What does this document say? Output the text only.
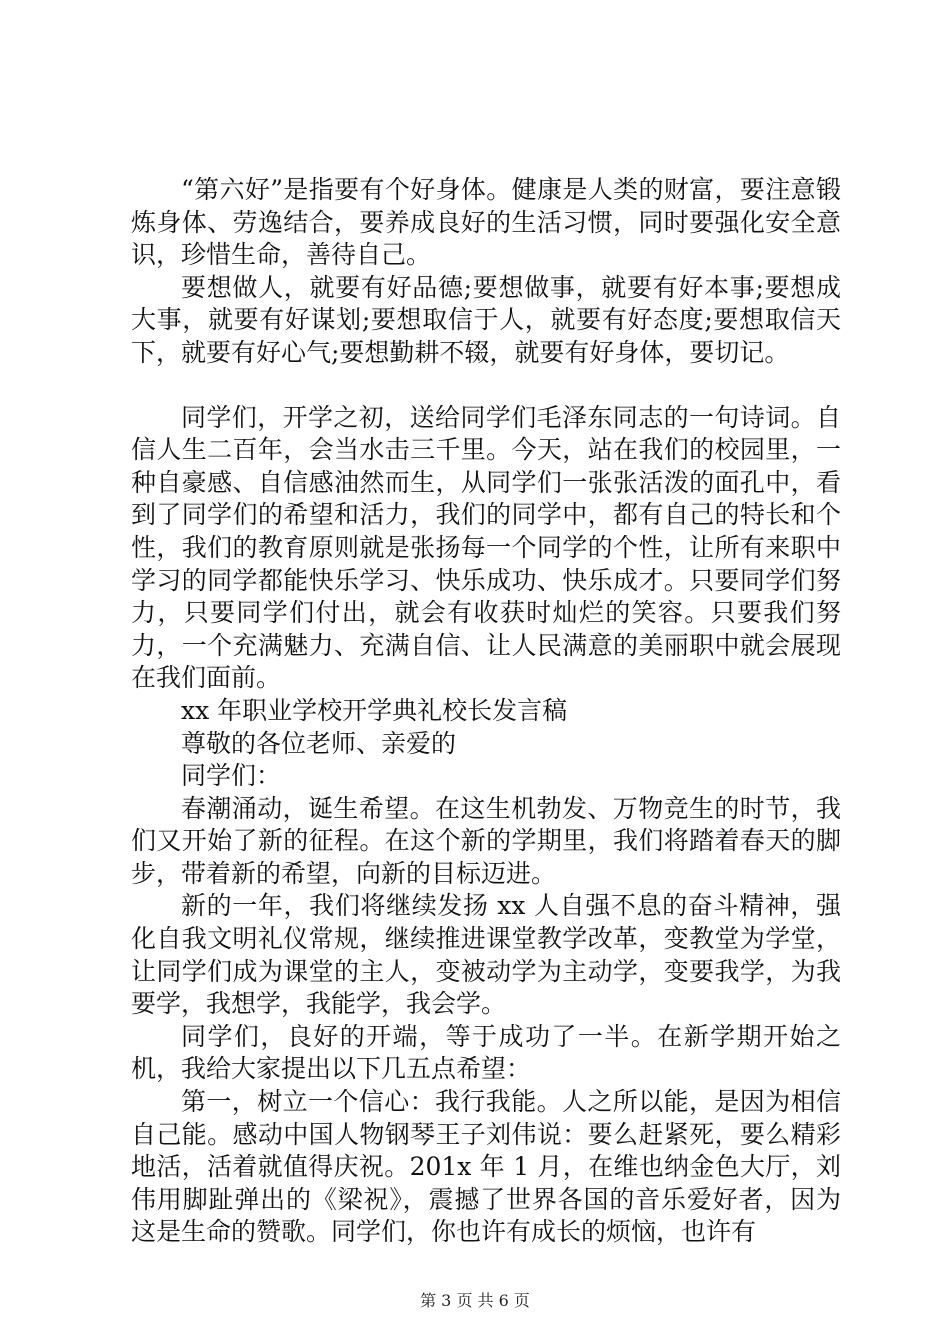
“第六好”是指要有个好身体。健康是人类的财富，要注意锻炼身体、劳逸结合，要养成良好的生活习惯，同时要强化安全意识，珍惜生命，善待自己。

要想做人，就要有好品德;要想做事，就要有好本事;要想成大事，就要有好谋划;要想取信于人，就要有好态度;要想取信天下，就要有好心气;要想勤耕不辍，就要有好身体，要切记。

同学们，开学之初，送给同学们毛泽东同志的一句诗词。自信人生二百年，会当水击三千里。今天，站在我们的校园里，一种自豪感、自信感油然而生，从同学们一张张活泼的面孔中，看到了同学们的希望和活力，我们的同学中，都有自己的特长和个性，我们的教育原则就是张扬每一个同学的个性，让所有来职中学习的同学都能快乐学习、快乐成功、快乐成才。只要同学们努力，只要同学们付出，就会有收获时灿烂的笑容。只要我们努力，一个充满魅力、充满自信、让人民满意的美丽职中就会展现在我们面前。

xx 年职业学校开学典礼校长发言稿

尊敬的各位老师、亲爱的

同学们：

春潮涌动，诞生希望。在这生机勃发、万物竞生的时节，我们又开始了新的征程。在这个新的学期里，我们将踏着春天的脚步，带着新的希望，向新的目标迈进。

新的一年，我们将继续发扬 xx 人自强不息的奋斗精神，强化自我文明礼仪常规，继续推进课堂教学改革，变教堂为学堂，让同学们成为课堂的主人，变被动学为主动学，变要我学，为我要学，我想学，我能学，我会学。

同学们，良好的开端，等于成功了一半。在新学期开始之机，我给大家提出以下几五点希望：

第一，树立一个信心：我行我能。人之所以能，是因为相信自己能。感动中国人物钢琴王子刘伟说：要么赶紧死，要么精彩地活，活着就值得庆祝。201x 年 1 月，在维也纳金色大厅，刘伟用脚趾弹出的《梁祝》，震撼了世界各国的音乐爱好者，因为这是生命的赞歌。同学们，你也许有成长的烦恼，也许有

第 3 页 共 6 页
